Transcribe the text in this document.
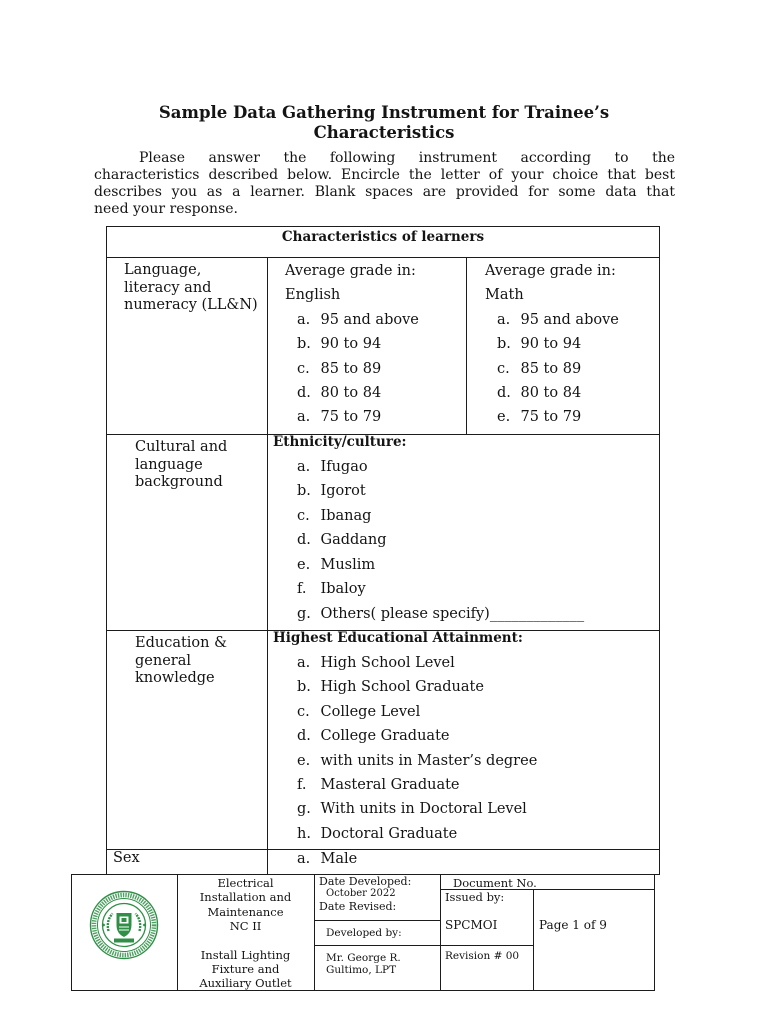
Sample Data Gathering Instrument for Trainee’s
Characteristics
Please answer the following instrument according to the
characteristics described below. Encircle the letter of your choice that best
describes you as a learner. Blank spaces are provided for some data that
need your response.
Characteristics of learners
Language,
literacy and
numeracy (LL&N)
Average grade in:
English
a. 95 and above
b. 90 to 94
c. 85 to 89
d. 80 to 84
a. 75 to 79
Average grade in:
Math
a. 95 and above
b. 90 to 94
c. 85 to 89
d. 80 to 84
e. 75 to 79
Cultural and
language
background
Ethnicity/culture:
a. Ifugao
b. Igorot
c. Ibanag
d. Gaddang
e. Muslim
f. Ibaloy
g. Others( please specify)_____________
Education &
general
knowledge
Highest Educational Attainment:
a. High School Level
b. High School Graduate
c. College Level
d. College Graduate
e. with units in Master’s degree
f. Masteral Graduate
g. With units in Doctoral Level
h. Doctoral Graduate
Sex	a. Male
Electrical
Installation and
Maintenance
NC II
Install Lighting
Fixture and
Auxiliary Outlet
Date Developed:
October 2022
Date Revised:
Developed by:
Mr. George R.
Gultimo, LPT
Document No.
Issued by:
SPCMOI
Revision # 00
Page 1 of 9
